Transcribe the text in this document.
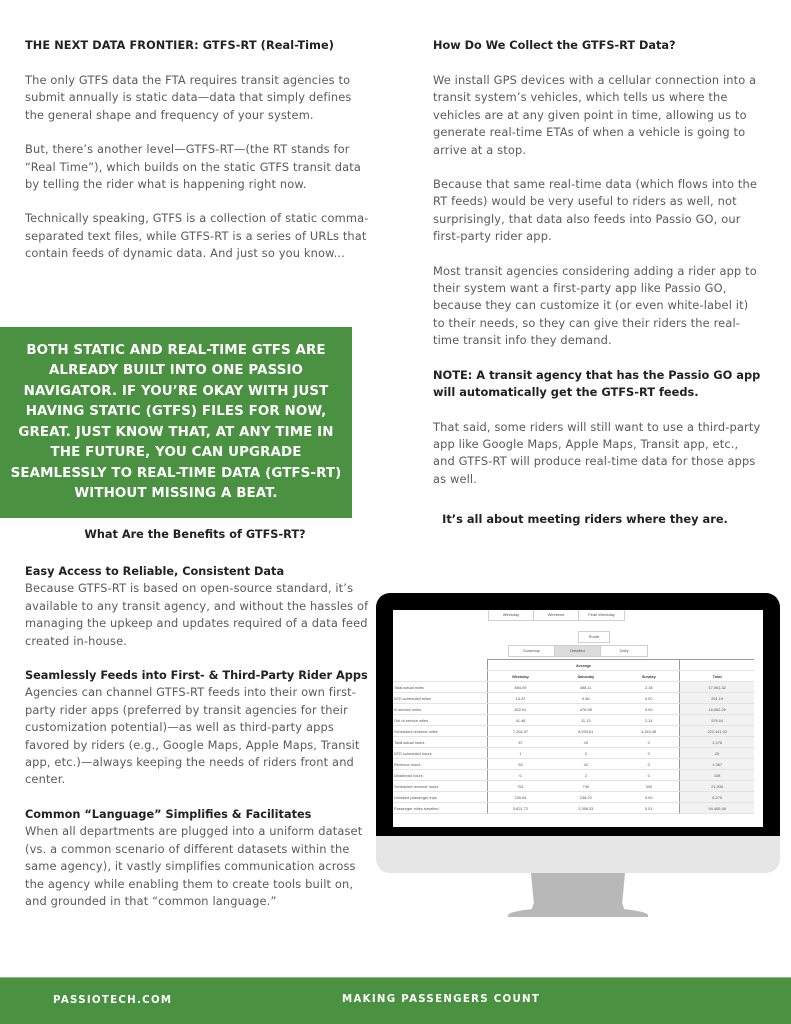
THE NEXT DATA FRONTIER: GTFS-RT (Real-Time)

The only GTFS data the FTA requires transit agencies to submit annually is static data—data that simply defines the general shape and frequency of your system.

But, there’s another level—GTFS-RT—(the RT stands for “Real Time”), which builds on the static GTFS transit data by telling the rider what is happening right now.

Technically speaking, GTFS is a collection of static comma-separated text files, while GTFS-RT is a series of URLs that contain feeds of dynamic data. And just so you know...

BOTH STATIC AND REAL-TIME GTFS ARE ALREADY BUILT INTO ONE PASSIO NAVIGATOR. IF YOU’RE OKAY WITH JUST HAVING STATIC (GTFS) FILES FOR NOW, GREAT. JUST KNOW THAT, AT ANY TIME IN THE FUTURE, YOU CAN UPGRADE SEAMLESSLY TO REAL-TIME DATA (GTFS-RT) WITHOUT MISSING A BEAT.
What Are the Benefits of GTFS-RT?
Easy Access to Reliable, Consistent Data

Because GTFS-RT is based on open-source standard, it’s available to any transit agency, and without the hassles of managing the upkeep and updates required of a data feed created in-house.

Seamlessly Feeds into First- & Third-Party Rider Apps

Agencies can channel GTFS-RT feeds into their own first-party rider apps (preferred by transit agencies for their customization potential)—as well as third-party apps favored by riders (e.g., Google Maps, Apple Maps, Transit app, etc.)—always keeping the needs of riders front and center.

Common “Language” Simplifies & Facilitates

When all departments are plugged into a uniform dataset (vs. a common scenario of different datasets within the same agency), it vastly simplifies communication across the agency while enabling them to create tools built on, and grounded in that “common language.”

How Do We Collect the GTFS-RT Data?

We install GPS devices with a cellular connection into a transit system’s vehicles, which tells us where the vehicles are at any given point in time, allowing us to generate real-time ETAs of when a vehicle is going to arrive at a stop.

Because that same real-time data (which flows into the RT feeds) would be very useful to riders as well, not surprisingly, that data also feeds into Passio GO, our first-party rider app.

Most transit agencies considering adding a rider app to their system want a first-party app like Passio GO, because they can customize it (or even white-label it) to their needs, so they can give their riders the real-time transit info they demand.

NOTE: A transit agency that has the Passio GO app will automatically get the GTFS-RT feeds.

That said, some riders will still want to use a third-party app like Google Maps, Apple Maps, Transit app, etc., and GTFS-RT will produce real-time data for those apps as well.

It’s all about meeting riders where they are.
Weekday	Weekend	Peak Weekday
Route
Summary	Detailed	Daily
	Average			
	Weekday	Saturday	Sunday	Total
Total actual miles	864.09	488.11	2.18	17,061.32
NTD scheduled miles	13.22	0.56	0.00	291.19
In-service miles	822.61	476.98	0.00	16,082.25
Out of service miles	41.48	11.13	2.14	979.04
Scheduled revenue miles	7,264.37	8,093.61	4,343.48	222,441.03
Total actual hours	57	43	0	1,476
NTD scheduled hours	1	0	0	25
Revenue hours	53	42	0	1,367
Deadhead hours	6	2	0	108
Scheduled revenue hours	751	740	339	21,930
Unlinked passenger trips	230.64	238.20	0.00	6,270
Passenger miles travelled	3,821.72	3,398.33	0.01	94,465.48
PASSIOTECH.COM	MAKING PASSENGERS COUNT
